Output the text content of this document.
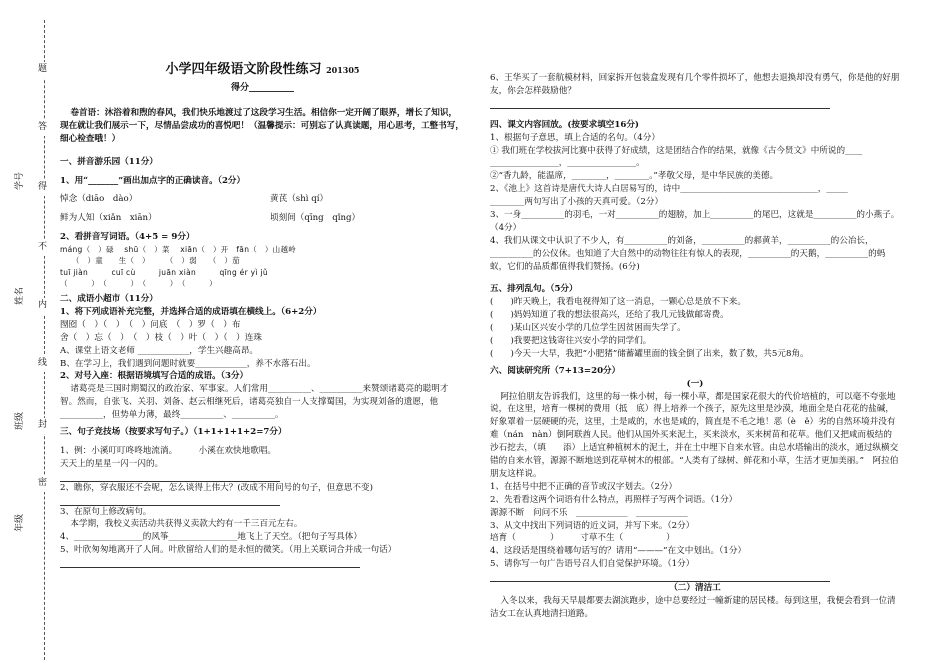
题
答
得
不
内
线
封
密
班级
姓名
学号
年级
小学四年级语文阶段性练习 201305
得分__________

卷首语：沐浴着和煦的春风，我们快乐地渡过了这段学习生活。相信你一定开阔了眼界，增长了知识，现在就让我们展示一下，尽情品尝成功的喜悦吧！（温馨提示：可别忘了认真读题，用心思考，工整书写，细心检查哦！）

一、拼音游乐园（11分）

1、用“_______”画出加点字的正确读音。（2分）

悼念（diāo　dào）	黄芪（shì qí）

鲜为人知（xiǎn　xiān）	顷刻间（qīng　qǐng）

2、看拼音写词语。（4+5 = 9分）

máng（　）碌　 shū（　）菜　 xiān（　）开　fān（　）山越岭

　　（　）童　　生（　）　　　（　）弱　　（　）茄

tuī jiàn　　　cuī cù　　　juān xiàn　　　qīng ér yì jǔ

（　　　）　（　　　）　（　　　）　（　　　）

二、成语小超市（11分）

1、将下列成语补充完整，并选择合适的成语填在横线上。（6+2分）

囫囵（　）（　）　（　）问底　（　）罗（　）布

舍（　）忘（　）　（　）枝（　）叶（　）（　）连珠

A、课堂上语文老师 ____________，学生兴趣高昂。

B、在学习上，我们遇到问题时就要____________，养不水落石出。

2、对号入座：根据语境填写合适的成语。（3分）

诸葛亮是三国时期蜀汉的政治家、军事家。人们常用__________、__________来赞颂诸葛亮的聪明才智。然而，自张飞、关羽、刘备、赵云相继死后，诸葛亮独自一人支撑蜀国，为实现刘备的遗愿，他__________，但势单力薄，最终__________、__________。

三、句子竞技场（按要求写句子。）（1+1+1+1+2=7分）

1、例：小溪叮叮咚咚地流淌。　　　小溪在欢快地歌唱。

天天上的星星一闪一闪的。

2、瞧你，穿衣服还不会呢，怎么谈得上伟大？(改成不用问号的句子，但意思不变)

3、在原句上修改病句。

本学期，我校义卖活动共获得义卖款大约有一千三百元左右。

4、________________的风筝________________地飞上了天空。（把句子写具体）

5、叶欣匆匆地离开了人间。叶欣留给人们的是永恒的微笑。（用上关联词合并成一句话）

6、王华买了一套航模材料，回家拆开包装盒发现有几个零件损坏了，他想去退换却没有勇气，你是他的好朋友，你会怎样鼓励他？

四、课文内容回放。(按要求填空16分)

1、根据句子意思，填上合适的名句。（4分）

① 我们班在学校拔河比赛中获得了好成绩，这是团结合作的结果，就像《古今贤文》中所说的____

________________，________________。

②“香九龄，能温席，________，________。”孝敬父母，是中华民族的美德。

2、《池上》这首诗是唐代大诗人白居易写的，诗中________________________________，_____

________两句写出了小孩的天真可爱。（2分）

3、一身__________的羽毛，一对__________的翅膀，加上__________的尾巴，这就是__________的小燕子。（4分）

4、我们从课文中认识了不少人，有__________的刘备，__________的郝黄羊，__________的公冶长，__________的公仪休。也知道了大自然中的动物往往有惊人的表现，__________的天鹅，__________的蚂蚁，它们的品质都值得我们赞扬。(6分)

五、排列乱句。（5分）

(　　)昨天晚上，我看电视得知了这一消息，一颗心总是放不下来。

(　　)妈妈知道了我的想法很高兴，还给了我几元钱做邮寄费。

(　　)某山区兴安小学的几位学生因贫困而失学了。

(　　)我要把这钱寄往兴安小学的同学们。

(　　)今天一大早，我把“小肥猪”储蓄罐里面的钱全倒了出来，数了数，共5元8角。

六、阅读研究所（7+13=20分）

(一)

阿拉伯朋友告诉我们，这里的每一株小树，每一棵小草，都是国家花很大的代价培植的，可以毫不夸张地说，在这里，培育一棵树的费用（抵　底）得上培养一个孩子，原先这里是沙漠，地面全是白花花的盐碱，好象罩着一层硬硬的壳，这里，土是咸的，水也是咸的，简直是不毛之地！恶（è　ě）劣的自然环境并没有难（nán　nàn）倒阿联酋人民。他们从国外买来泥土，买来淡水，买来树苗和花草。他们又把咸而板结的沙石挖去，（填　　添）上适宜种植树木的泥土，并在土中埋下自来水管。由总水塔输出的淡水，通过纵横交错的自来水管，源源不断地送到花草树木的根部。“人类有了绿树、鲜花和小草，生活才更加美丽。”　阿拉伯朋友这样说。

1、在括号中把不正确的音节或汉字划去。（2分）

2、先看看这两个词语有什么特点，再照样子写两个词语。（1分）

源源不断　问问不乐　____________　____________

3、从文中找出下列词语的近义词，并写下来。（2分）

培育（　　　　）　　　寸草不生（　　　　　）

4、这段话是围绕着哪句话写的？请用“———”在文中划出。（1分）

5、请你写一句广告语号召人们自觉保护环境。（1分）

（二）清洁工

入冬以来，我每天早晨都要去湖滨跑步，途中总要经过一幢新建的居民楼。每到这里，我便会看到一位清洁女工在认真地清扫道路。
